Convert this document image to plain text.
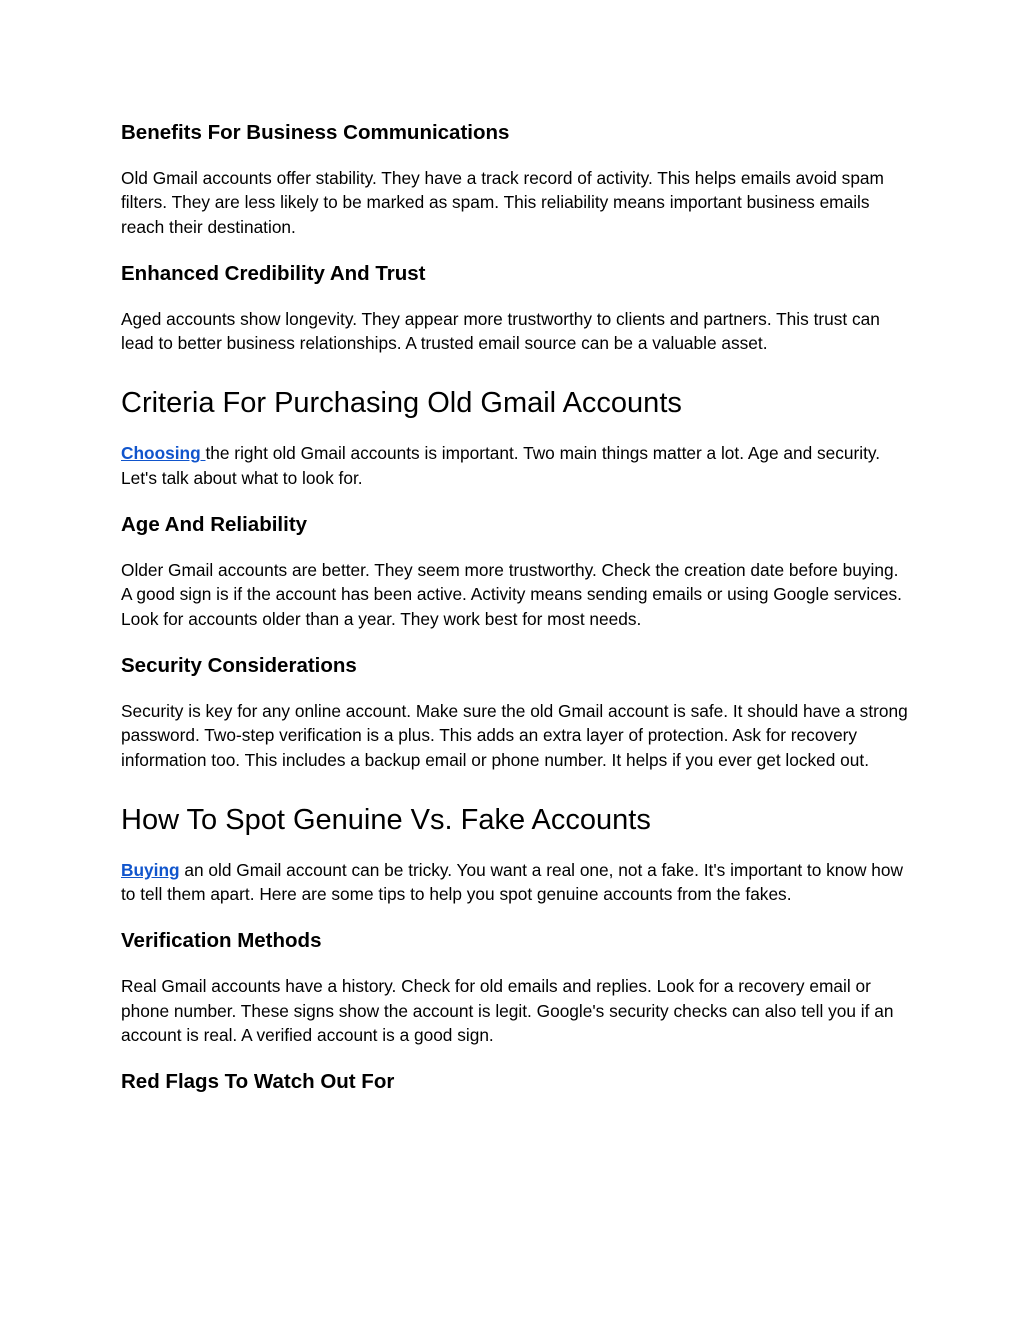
Benefits For Business Communications

Old Gmail accounts offer stability. They have a track record of activity. This helps emails avoid spam filters. They are less likely to be marked as spam. This reliability means important business emails reach their destination.

Enhanced Credibility And Trust

Aged accounts show longevity. They appear more trustworthy to clients and partners. This trust can lead to better business relationships. A trusted email source can be a valuable asset.

Criteria For Purchasing Old Gmail Accounts

Choosing the right old Gmail accounts is important. Two main things matter a lot. Age and security. Let's talk about what to look for.

Age And Reliability

Older Gmail accounts are better. They seem more trustworthy. Check the creation date before buying. A good sign is if the account has been active. Activity means sending emails or using Google services. Look for accounts older than a year. They work best for most needs.

Security Considerations

Security is key for any online account. Make sure the old Gmail account is safe. It should have a strong password. Two-step verification is a plus. This adds an extra layer of protection. Ask for recovery information too. This includes a backup email or phone number. It helps if you ever get locked out.

How To Spot Genuine Vs. Fake Accounts

Buying an old Gmail account can be tricky. You want a real one, not a fake. It's important to know how to tell them apart. Here are some tips to help you spot genuine accounts from the fakes.

Verification Methods

Real Gmail accounts have a history. Check for old emails and replies. Look for a recovery email or phone number. These signs show the account is legit. Google's security checks can also tell you if an account is real. A verified account is a good sign.

Red Flags To Watch Out For
